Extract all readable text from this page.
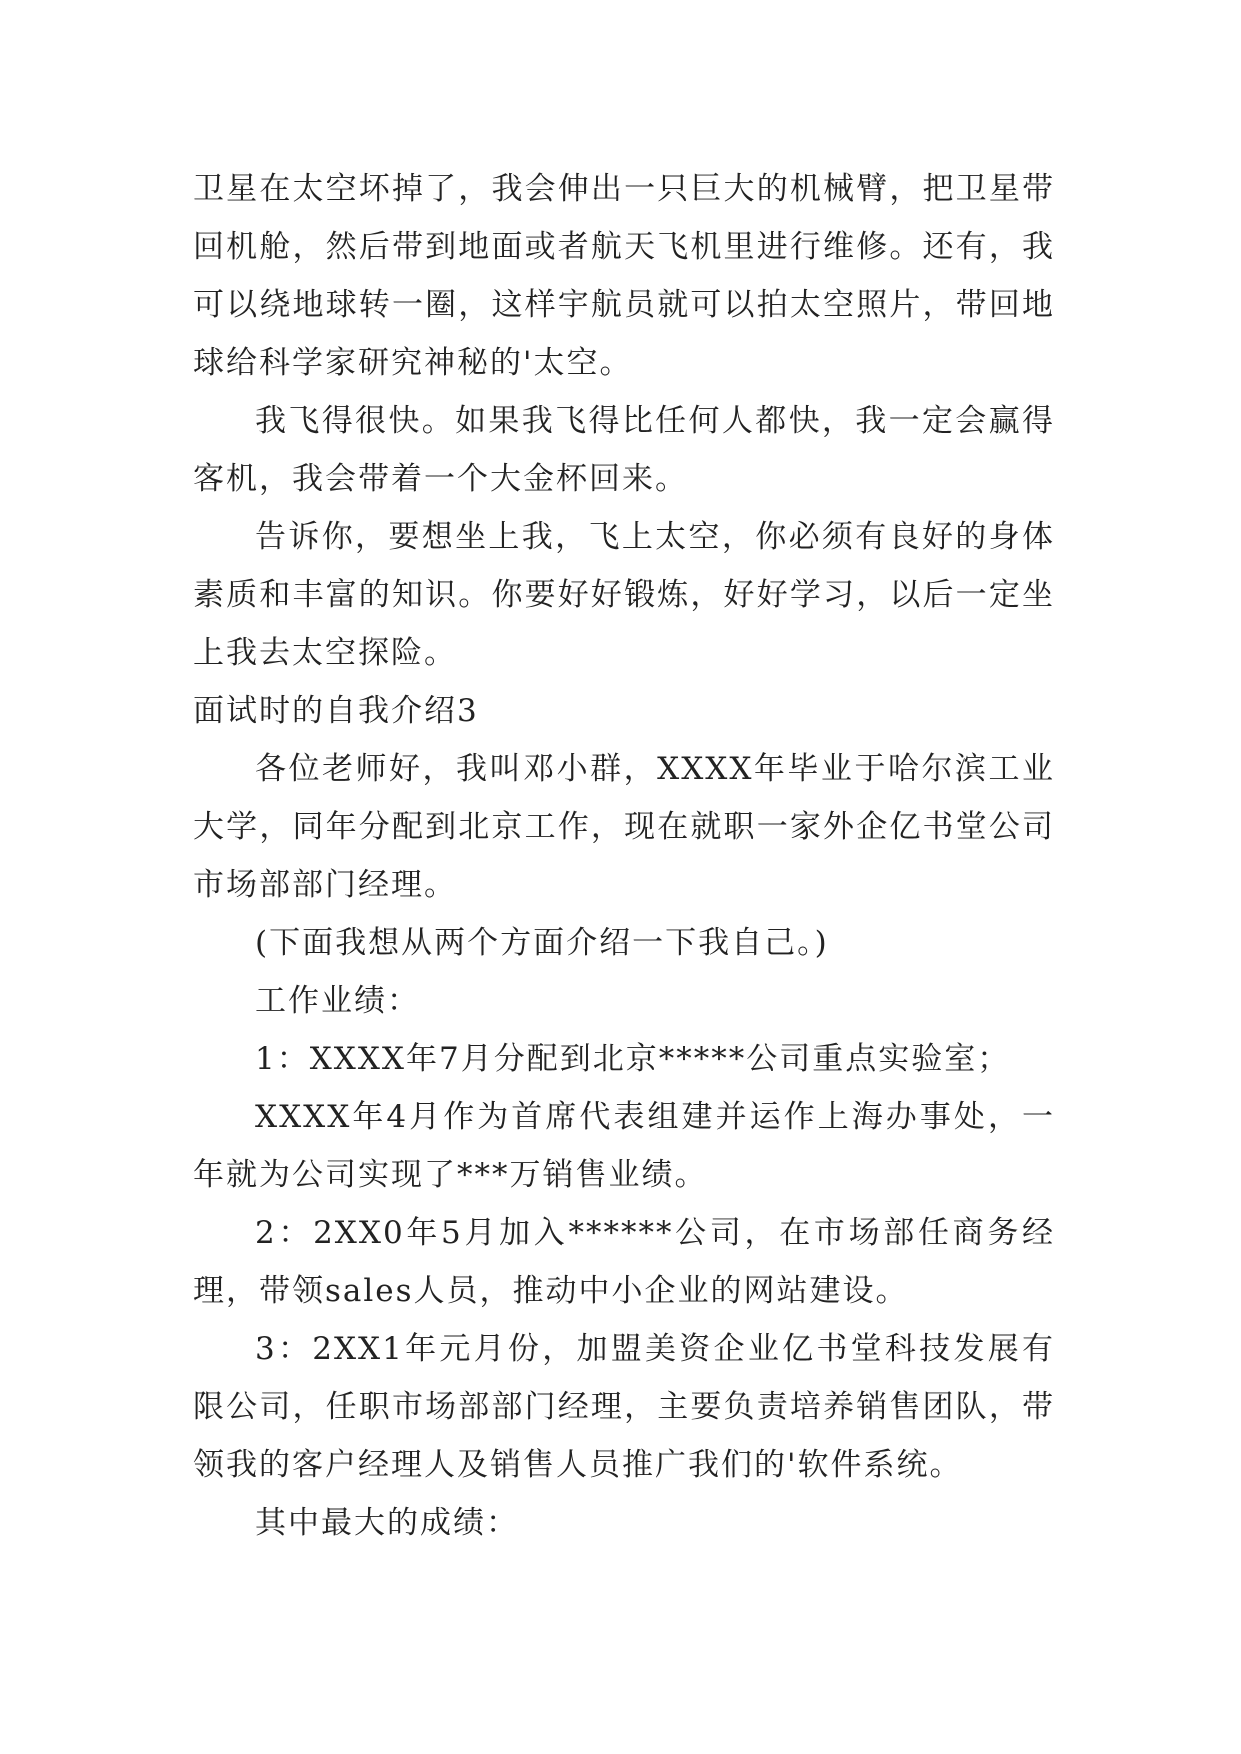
卫星在太空坏掉了，我会伸出一只巨大的机械臂，把卫星带回机舱，然后带到地面或者航天飞机里进行维修。还有，我可以绕地球转一圈，这样宇航员就可以拍太空照片，带回地球给科学家研究神秘的'太空。

我飞得很快。如果我飞得比任何人都快，我一定会赢得客机，我会带着一个大金杯回来。

告诉你，要想坐上我，飞上太空，你必须有良好的身体素质和丰富的知识。你要好好锻炼，好好学习，以后一定坐上我去太空探险。

面试时的自我介绍3

各位老师好，我叫邓小群，XXXX年毕业于哈尔滨工业大学，同年分配到北京工作，现在就职一家外企亿书堂公司市场部部门经理。

(下面我想从两个方面介绍一下我自己。)

工作业绩：

1：XXXX年7月分配到北京*****公司重点实验室；

XXXX年4月作为首席代表组建并运作上海办事处，一年就为公司实现了***万销售业绩。

2：2XX0年5月加入******公司，在市场部任商务经理，带领sales人员，推动中小企业的网站建设。

3：2XX1年元月份，加盟美资企业亿书堂科技发展有限公司，任职市场部部门经理，主要负责培养销售团队，带领我的客户经理人及销售人员推广我们的'软件系统。

其中最大的成绩：
